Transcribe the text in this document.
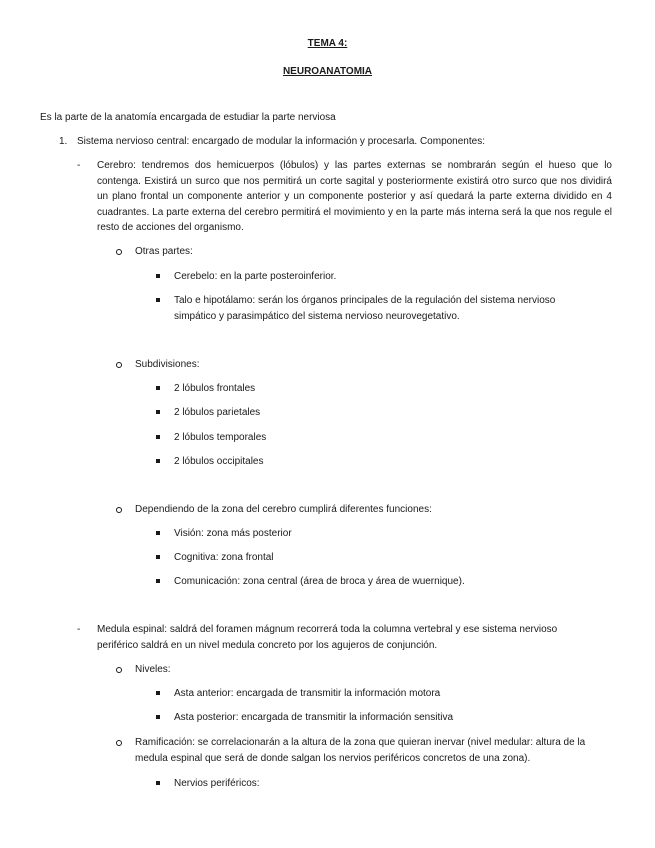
TEMA 4:
NEUROANATOMIA
Es la parte de la anatomía encargada de estudiar la parte nerviosa
1. Sistema nervioso central: encargado de modular la información y procesarla. Componentes:
- Cerebro: tendremos dos hemicuerpos (lóbulos) y las partes externas se nombrarán según el hueso que lo contenga. Existirá un surco que nos permitirá un corte sagital y posteriormente existirá otro surco que nos dividirá un plano frontal un componente anterior y un componente posterior y así quedará la parte externa dividido en 4 cuadrantes. La parte externa del cerebro permitirá el movimiento y en la parte más interna será la que nos regule el resto de acciones del organismo.
Otras partes:
Cerebelo: en la parte posteroinferior.
Talo e hipotálamo: serán los órganos principales de la regulación del sistema nervioso simpático y parasimpático del sistema nervioso neurovegetativo.
Subdivisiones:
2 lóbulos frontales
2 lóbulos parietales
2 lóbulos temporales
2 lóbulos occipitales
Dependiendo de la zona del cerebro cumplirá diferentes funciones:
Visión: zona más posterior
Cognitiva: zona frontal
Comunicación: zona central (área de broca y área de wuernique).
- Medula espinal: saldrá del foramen mágnum recorrerá toda la columna vertebral y ese sistema nervioso periférico saldrá en un nivel medula concreto por los agujeros de conjunción.
Niveles:
Asta anterior: encargada de transmitir la información motora
Asta posterior: encargada de transmitir la información sensitiva
Ramificación: se correlacionarán a la altura de la zona que quieran inervar (nivel medular: altura de la medula espinal que será de donde salgan los nervios periféricos concretos de una zona).
Nervios periféricos:
